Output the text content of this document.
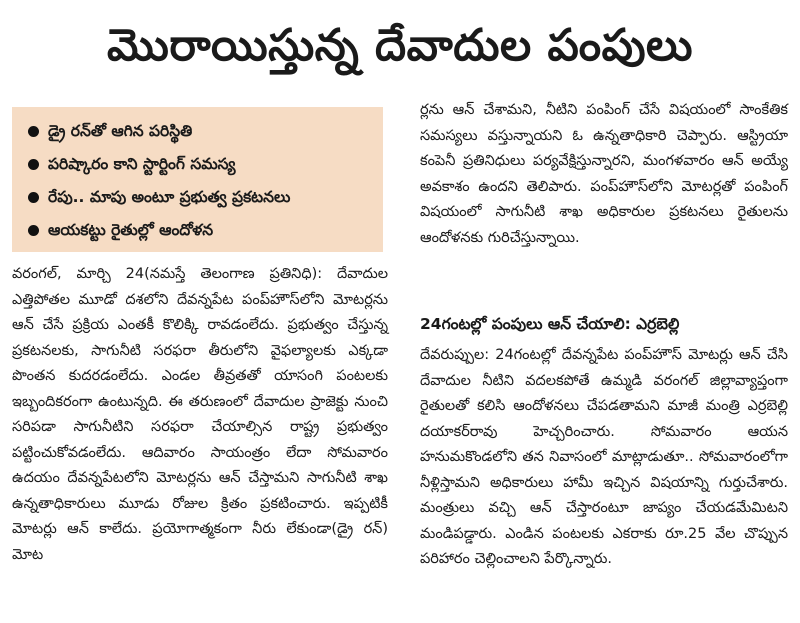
మొరాయిస్తున్న దేవాదుల పంపులు
డ్రై రన్‌తో ఆగిన పరిస్థితి
పరిష్కారం కాని స్టార్టింగ్ సమస్య
రేపు.. మాపు అంటూ ప్రభుత్వ ప్రకటనలు
ఆయకట్టు రైతుల్లో ఆందోళన

వరంగల్, మార్చి 24(నమస్తే తెలంగాణ ప్రతినిధి): దేవాదుల ఎత్తిపోతల మూడో దశలోని దేవన్నపేట పంప్‌హౌస్‌లోని మోటర్లను ఆన్ చేసే ప్రక్రియ ఎంతకీ కొలిక్కి రావడంలేదు. ప్రభుత్వం చేస్తున్న ప్రకటనలకు, సాగునీటి సరఫరా తీరులోని వైఫల్యాలకు ఎక్కడా పొంతన కుదరడంలేదు. ఎండల తీవ్రతతో యాసంగి పంటలకు ఇబ్బందికరంగా ఉంటున్నది. ఈ తరుణంలో దేవాదుల ప్రాజెక్టు నుంచి సరిపడా సాగునీటిని సరఫరా చేయాల్సిన రాష్ట్ర ప్రభుత్వం పట్టించుకోవడంలేదు. ఆదివారం సాయంత్రం లేదా సోమవారం ఉదయం దేవన్నపేటలోని మోటర్లను ఆన్ చేస్తామని సాగునీటి శాఖ ఉన్నతాధికారులు మూడు రోజుల క్రితం ప్రకటించారు. ఇప్పటికీ మోటర్లు ఆన్ కాలేదు. ప్రయోగాత్మకంగా నీరు లేకుండా(డ్రై రన్) మోట

ర్లను ఆన్ చేశామని, నీటిని పంపింగ్ చేసే విషయంలో సాంకేతిక సమస్యలు వస్తున్నాయని ఓ ఉన్నతాధికారి చెప్పారు. ఆస్ట్రియా కంపెనీ ప్రతినిధులు పర్యవేక్షిస్తున్నారని, మంగళవారం ఆన్ అయ్యే అవకాశం ఉందని తెలిపారు. పంప్‌హౌస్‌లోని మోటర్లతో పంపింగ్ విషయంలో సాగునీటి శాఖ అధికారుల ప్రకటనలు రైతులను ఆందోళనకు గురిచేస్తున్నాయి.

24గంటల్లో పంపులు ఆన్ చేయాలి: ఎర్రబెల్లి

దేవరుప్పుల: 24గంటల్లో దేవన్నపేట పంప్‌హౌస్ మోటర్లు ఆన్ చేసి దేవాదుల నీటిని వదలకపోతే ఉమ్మడి వరంగల్ జిల్లావ్యాప్తంగా రైతులతో కలిసి ఆందోళనలు చేపడతామని మాజీ మంత్రి ఎర్రబెల్లి దయాకర్‌రావు హెచ్చరించారు. సోమవారం ఆయన హనుమకొండలోని తన నివాసంలో మాట్లాడుతూ.. సోమవారంలోగా నీళ్లిస్తామని అధికారులు హామీ ఇచ్చిన విషయాన్ని గుర్తుచేశారు. మంత్రులు వచ్చి ఆన్ చేస్తారంటూ జాప్యం చేయడమేమిటని మండిపడ్డారు. ఎండిన పంటలకు ఎకరాకు రూ.25 వేల చొప్పున పరిహారం చెల్లించాలని పేర్కొన్నారు.
